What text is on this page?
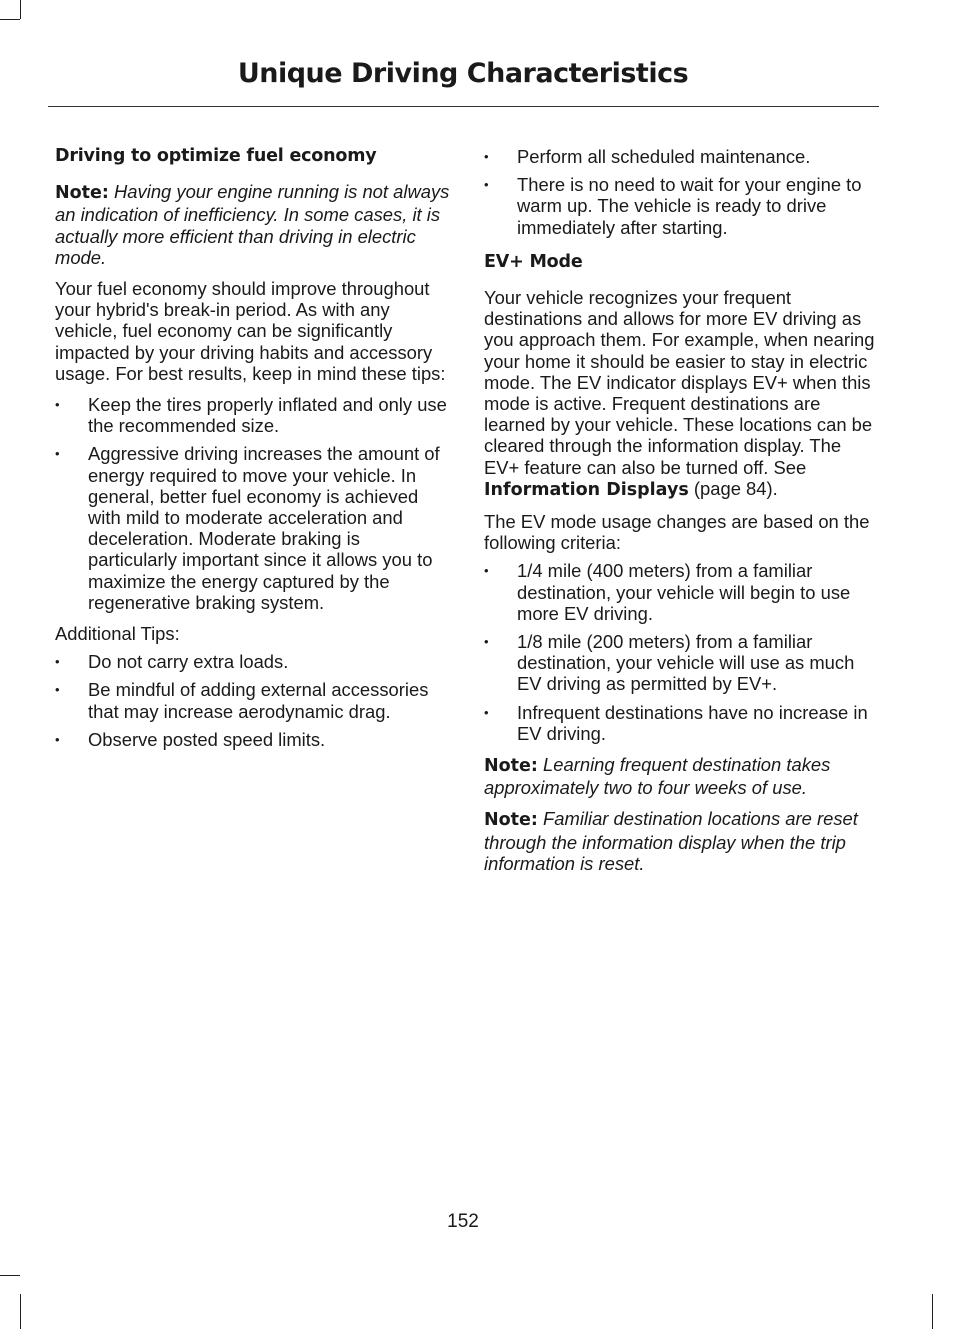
Unique Driving Characteristics
Driving to optimize fuel economy

Note: Having your engine running is not always an indication of inefficiency. In some cases, it is actually more efficient than driving in electric mode.

Your fuel economy should improve throughout your hybrid's break-in period. As with any vehicle, fuel economy can be significantly impacted by your driving habits and accessory usage. For best results, keep in mind these tips:

• Keep the tires properly inflated and only use the recommended size.
• Aggressive driving increases the amount of energy required to move your vehicle. In general, better fuel economy is achieved with mild to moderate acceleration and deceleration. Moderate braking is particularly important since it allows you to maximize the energy captured by the regenerative braking system.

Additional Tips:

• Do not carry extra loads.
• Be mindful of adding external accessories that may increase aerodynamic drag.
• Observe posted speed limits.
• Perform all scheduled maintenance.
• There is no need to wait for your engine to warm up. The vehicle is ready to drive immediately after starting.
EV+ Mode

Your vehicle recognizes your frequent destinations and allows for more EV driving as you approach them. For example, when nearing your home it should be easier to stay in electric mode. The EV indicator displays EV+ when this mode is active. Frequent destinations are learned by your vehicle. These locations can be cleared through the information display. The EV+ feature can also be turned off. See Information Displays (page 84).

The EV mode usage changes are based on the following criteria:

• 1/4 mile (400 meters) from a familiar destination, your vehicle will begin to use more EV driving.
• 1/8 mile (200 meters) from a familiar destination, your vehicle will use as much EV driving as permitted by EV+.
• Infrequent destinations have no increase in EV driving.

Note: Learning frequent destination takes approximately two to four weeks of use.

Note: Familiar destination locations are reset through the information display when the trip information is reset.

152
